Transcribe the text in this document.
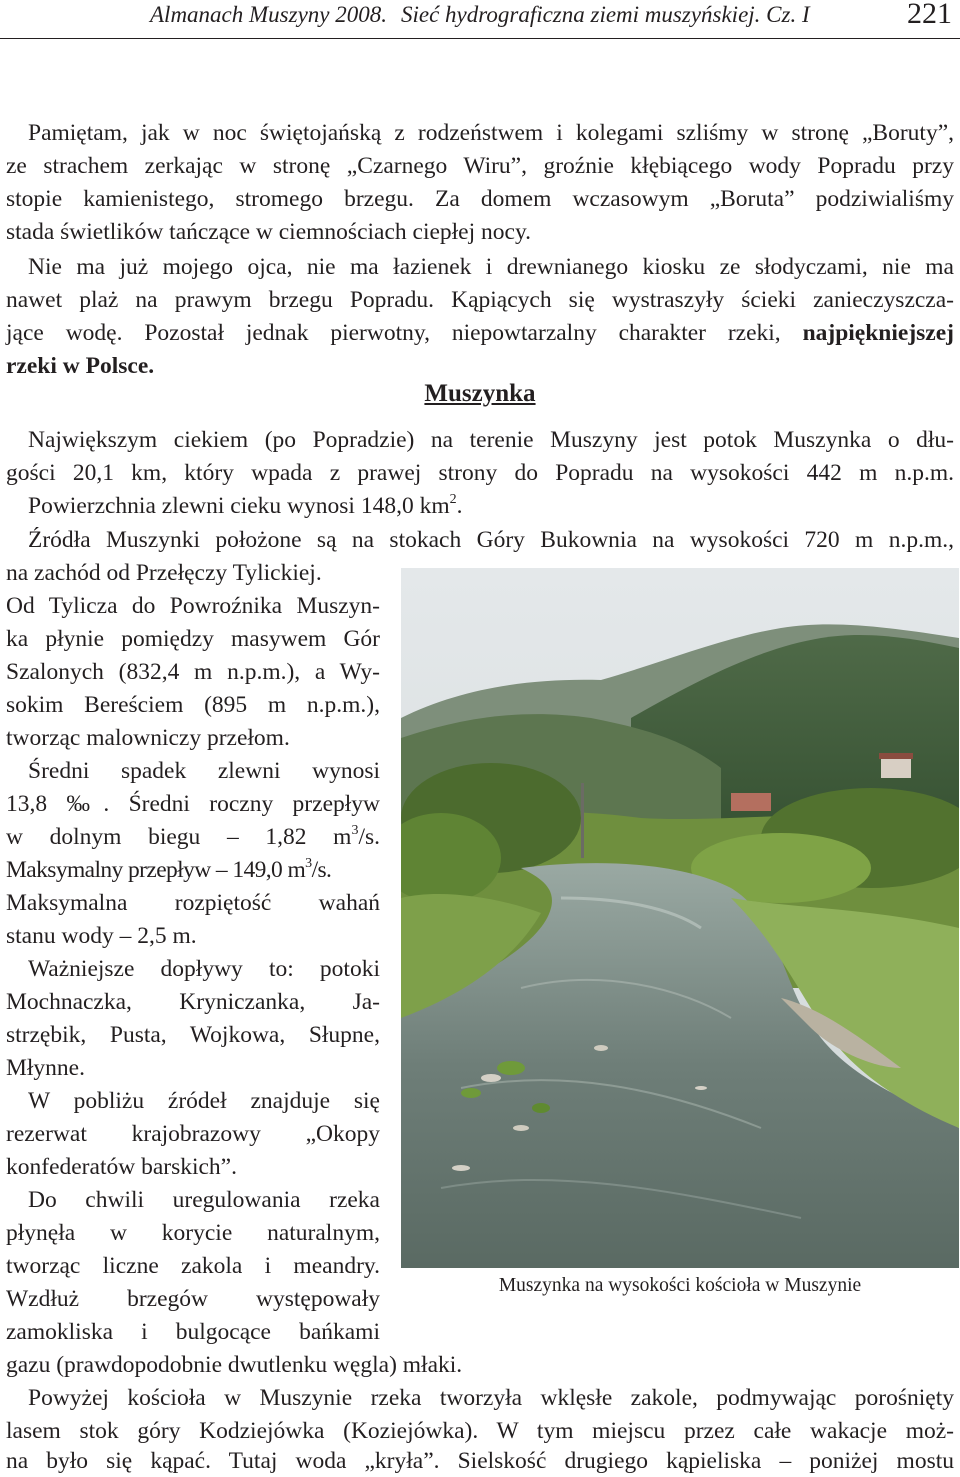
Almanach Muszyny 2008. Sieć hydrograficzna ziemi muszyńskiej. Cz. I	221
Pamiętam, jak w noc świętojańską z rodzeństwem i kolegami szliśmy w stronę „Boruty”,
ze strachem zerkając w stronę „Czarnego Wiru”, groźnie kłębiącego wody Popradu przy
stopie kamienistego, stromego brzegu. Za domem wczasowym „Boruta” podziwialiśmy
stada świetlików tańczące w ciemnościach ciepłej nocy.
Nie ma już mojego ojca, nie ma łazienek i drewnianego kiosku ze słodyczami, nie ma
nawet plaż na prawym brzegu Popradu. Kąpiących się wystraszyły ścieki zanieczyszcza-
jące wodę. Pozostał jednak pierwotny, niepowtarzalny charakter rzeki, najpiękniejszej
rzeki w Polsce.
Muszynka
Największym ciekiem (po Popradzie) na terenie Muszyny jest potok Muszynka o dłu-
gości 20,1 km, który wpada z prawej strony do Popradu na wysokości 442 m n.p.m.
Powierzchnia zlewni cieku wynosi 148,0 $km^2$.
Źródła Muszynki położone są na stokach Góry Bukownia na wysokości 720 m n.p.m.,
na zachód od Przełęczy Tylickiej.
Od Tylicza do Powroźnika Muszyn-
ka płynie pomiędzy masywem Gór
Szalonych (832,4 m n.p.m.), a Wy-
sokim Bereściem (895 m n.p.m.),
tworząc malowniczy przełom.
Średni spadek zlewni wynosi
13,8 ‰. Średni roczny przepływ
w dolnym biegu – 1,82 $m^3/s$.
Maksymalny przepływ – 149,0 $m^3/s$.
Maksymalna rozpiętość wahań
stanu wody – 2,5 m.
Ważniejsze dopływy to: potoki
Mochnaczka, Kryniczanka, Ja-
strzębik, Pusta, Wojkowa, Słupne,
Młynne.
W pobliżu źródeł znajduje się
rezerwat krajobrazowy „Okopy
konfederatów barskich”.
Do chwili uregulowania rzeka
płynęła w korycie naturalnym,
tworząc liczne zakola i meandry.
Wzdłuż brzegów występowały
zamokliska i bulgocące bańkami
Muszynka na wysokości kościoła w Muszynie
gazu (prawdopodobnie dwutlenku węgla) młaki.
Powyżej kościoła w Muszynie rzeka tworzyła wklęsłe zakole, podmywając porośnięty
lasem stok góry Kodziejówka (Koziejówka). W tym miejscu przez całe wakacje moż-
na było się kąpać. Tutaj woda „kryła”. Sielskość drugiego kąpieliska – poniżej mostu
